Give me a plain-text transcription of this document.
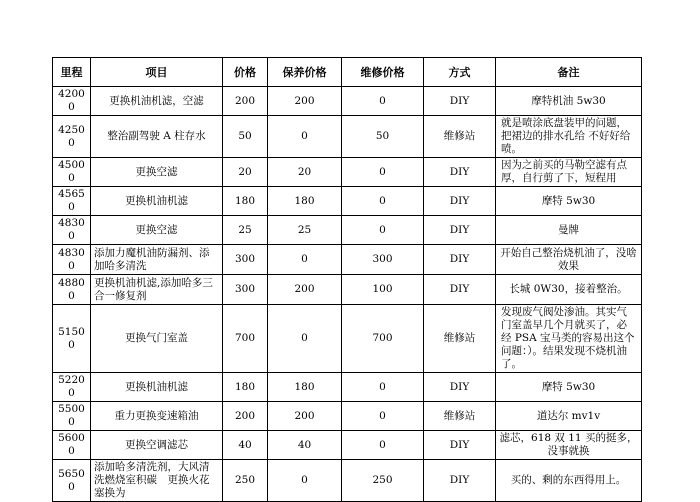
里程	项目	价格	保养价格	维修价格	方式	备注
42000	更换机油机滤，空滤	200	200	0	DIY	摩特机油 5w30
42500	整治副驾驶 A 柱存水	50	0	50	维修站	就是喷涂底盘装甲的问题，把裙边的排水孔给 不好好给喷。
45000	更换空滤	20	20	0	DIY	因为之前买的马勒空滤有点厚，自行剪了下，短程用
45650	更换机油机滤	180	180	0	DIY	摩特 5w30
48300	更换空滤	25	25	0	DIY	曼牌
48300	添加力魔机油防漏剂、添加哈多清洗	300	0	300	DIY	开始自己整治烧机油了，没啥效果
48800	更换机油机滤,添加哈多三合一修复剂	300	200	100	DIY	长城 0W30，接着整治。
51500	更换气门室盖	700	0	700	维修站	发现废气阀处渗油。其实气门室盖早几个月就买了，必经 PSA 宝马类的容易出这个问题：）。结果发现不烧机油了。
52200	更换机油机滤	180	180	0	DIY	摩特 5w30
55000	重力更换变速箱油	200	200	0	维修站	道达尔 mv1v
56000	更换空调滤芯	40	40	0	DIY	滤芯，618 双 11 买的挺多，没事就换
56500	添加哈多清洗剂，大风清洗燃烧室积碳　更换火花塞换为	250	0	250	DIY	买的、剩的东西得用上。
